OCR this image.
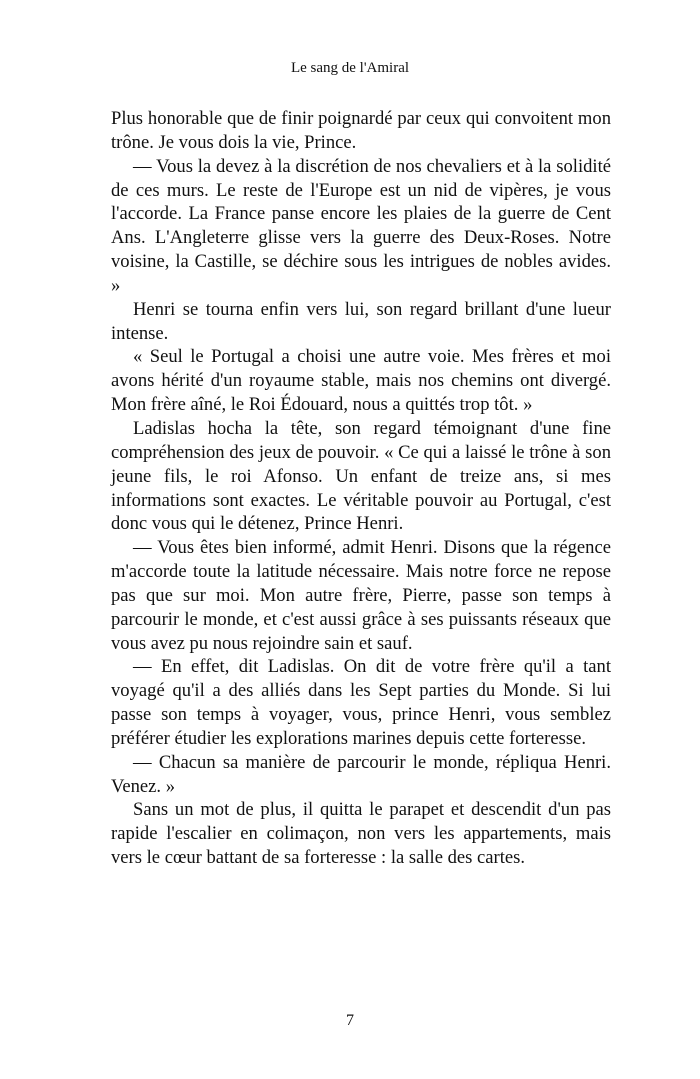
Le sang de l'Amiral

Plus honorable que de finir poignardé par ceux qui convoitent mon trône. Je vous dois la vie, Prince.

— Vous la devez à la discrétion de nos chevaliers et à la solidité de ces murs. Le reste de l'Europe est un nid de vipères, je vous l'accorde. La France panse encore les plaies de la guerre de Cent Ans. L'Angleterre glisse vers la guerre des Deux-Roses. Notre voisine, la Castille, se déchire sous les intrigues de nobles avides. »

Henri se tourna enfin vers lui, son regard brillant d'une lueur intense.

« Seul le Portugal a choisi une autre voie. Mes frères et moi avons hérité d'un royaume stable, mais nos chemins ont divergé. Mon frère aîné, le Roi Édouard, nous a quittés trop tôt. »

Ladislas hocha la tête, son regard témoignant d'une fine compréhension des jeux de pouvoir. « Ce qui a laissé le trône à son jeune fils, le roi Afonso. Un enfant de treize ans, si mes informations sont exactes. Le véritable pouvoir au Portugal, c'est donc vous qui le détenez, Prince Henri.

— Vous êtes bien informé, admit Henri. Disons que la régence m'accorde toute la latitude nécessaire. Mais notre force ne repose pas que sur moi. Mon autre frère, Pierre, passe son temps à parcourir le monde, et c'est aussi grâce à ses puissants réseaux que vous avez pu nous rejoindre sain et sauf.

— En effet, dit Ladislas. On dit de votre frère qu'il a tant voyagé qu'il a des alliés dans les Sept parties du Monde. Si lui passe son temps à voyager, vous, prince Henri, vous semblez préférer étudier les explorations marines depuis cette forteresse.

— Chacun sa manière de parcourir le monde, répliqua Henri. Venez. »

Sans un mot de plus, il quitta le parapet et descendit d'un pas rapide l'escalier en colimaçon, non vers les appartements, mais vers le cœur battant de sa forteresse : la salle des cartes.

7
